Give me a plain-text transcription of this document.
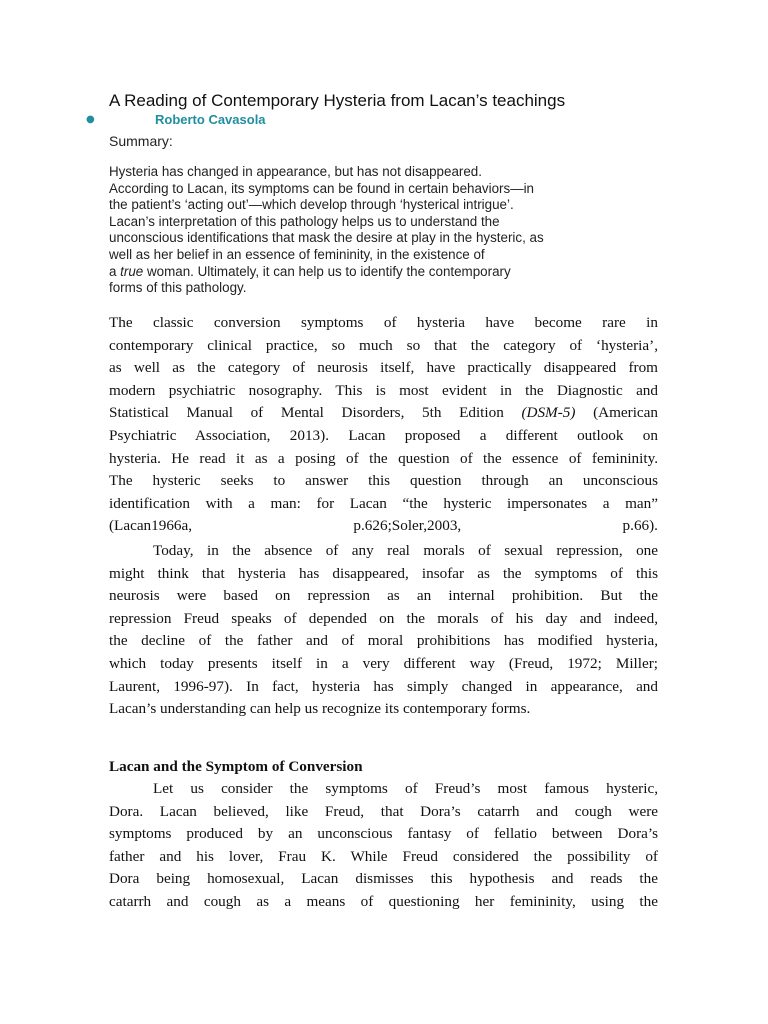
A Reading of Contemporary Hysteria from Lacan’s teachings
●	Roberto Cavasola
Summary:
Hysteria has changed in appearance, but has not disappeared.
According to Lacan, its symptoms can be found in certain behaviors—in
the patient’s ‘acting out’—which develop through ‘hysterical intrigue’.
Lacan’s interpretation of this pathology helps us to understand the
unconscious identifications that mask the desire at play in the hysteric, as
well as her belief in an essence of femininity, in the existence of
a true woman. Ultimately, it can help us to identify the contemporary
forms of this pathology.
The classic conversion symptoms of hysteria have become rare in
contemporary clinical practice, so much so that the category of ‘hysteria’,
as well as the category of neurosis itself, have practically disappeared from
modern psychiatric nosography. This is most evident in the Diagnostic and
Statistical Manual of Mental Disorders, 5th Edition (DSM-5) (American
Psychiatric Association, 2013). Lacan proposed a different outlook on
hysteria. He read it as a posing of the question of the essence of femininity.
The hysteric seeks to answer this question through an unconscious
identification with a man: for Lacan “the hysteric impersonates a man”
(Lacan1966a,	p.626;Soler,2003,	p.66).
Today, in the absence of any real morals of sexual repression, one
might think that hysteria has disappeared, insofar as the symptoms of this
neurosis were based on repression as an internal prohibition. But the
repression Freud speaks of depended on the morals of his day and indeed,
the decline of the father and of moral prohibitions has modified hysteria,
which today presents itself in a very different way (Freud, 1972; Miller;
Laurent, 1996-97). In fact, hysteria has simply changed in appearance, and
Lacan’s understanding can help us recognize its contemporary forms.
Lacan and the Symptom of Conversion
Let us consider the symptoms of Freud’s most famous hysteric,
Dora. Lacan believed, like Freud, that Dora’s catarrh and cough were
symptoms produced by an unconscious fantasy of fellatio between Dora’s
father and his lover, Frau K. While Freud considered the possibility of
Dora being homosexual, Lacan dismisses this hypothesis and reads the
catarrh and cough as a means of questioning her femininity, using the
